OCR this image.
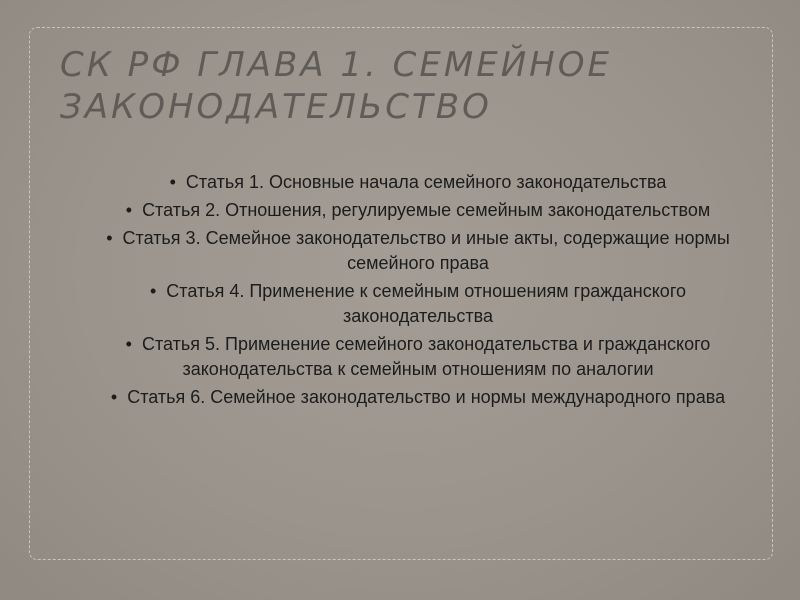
СК РФ ГЛАВА 1. СЕМЕЙНОЕ ЗАКОНОДАТЕЛЬСТВО
• Статья 1. Основные начала семейного законодательства
• Статья 2. Отношения, регулируемые семейным законодательством
• Статья 3. Семейное законодательство и иные акты, содержащие нормы семейного права
• Статья 4. Применение к семейным отношениям гражданского законодательства
• Статья 5. Применение семейного законодательства и гражданского законодательства к семейным отношениям по аналогии
• Статья 6. Семейное законодательство и нормы международного права
